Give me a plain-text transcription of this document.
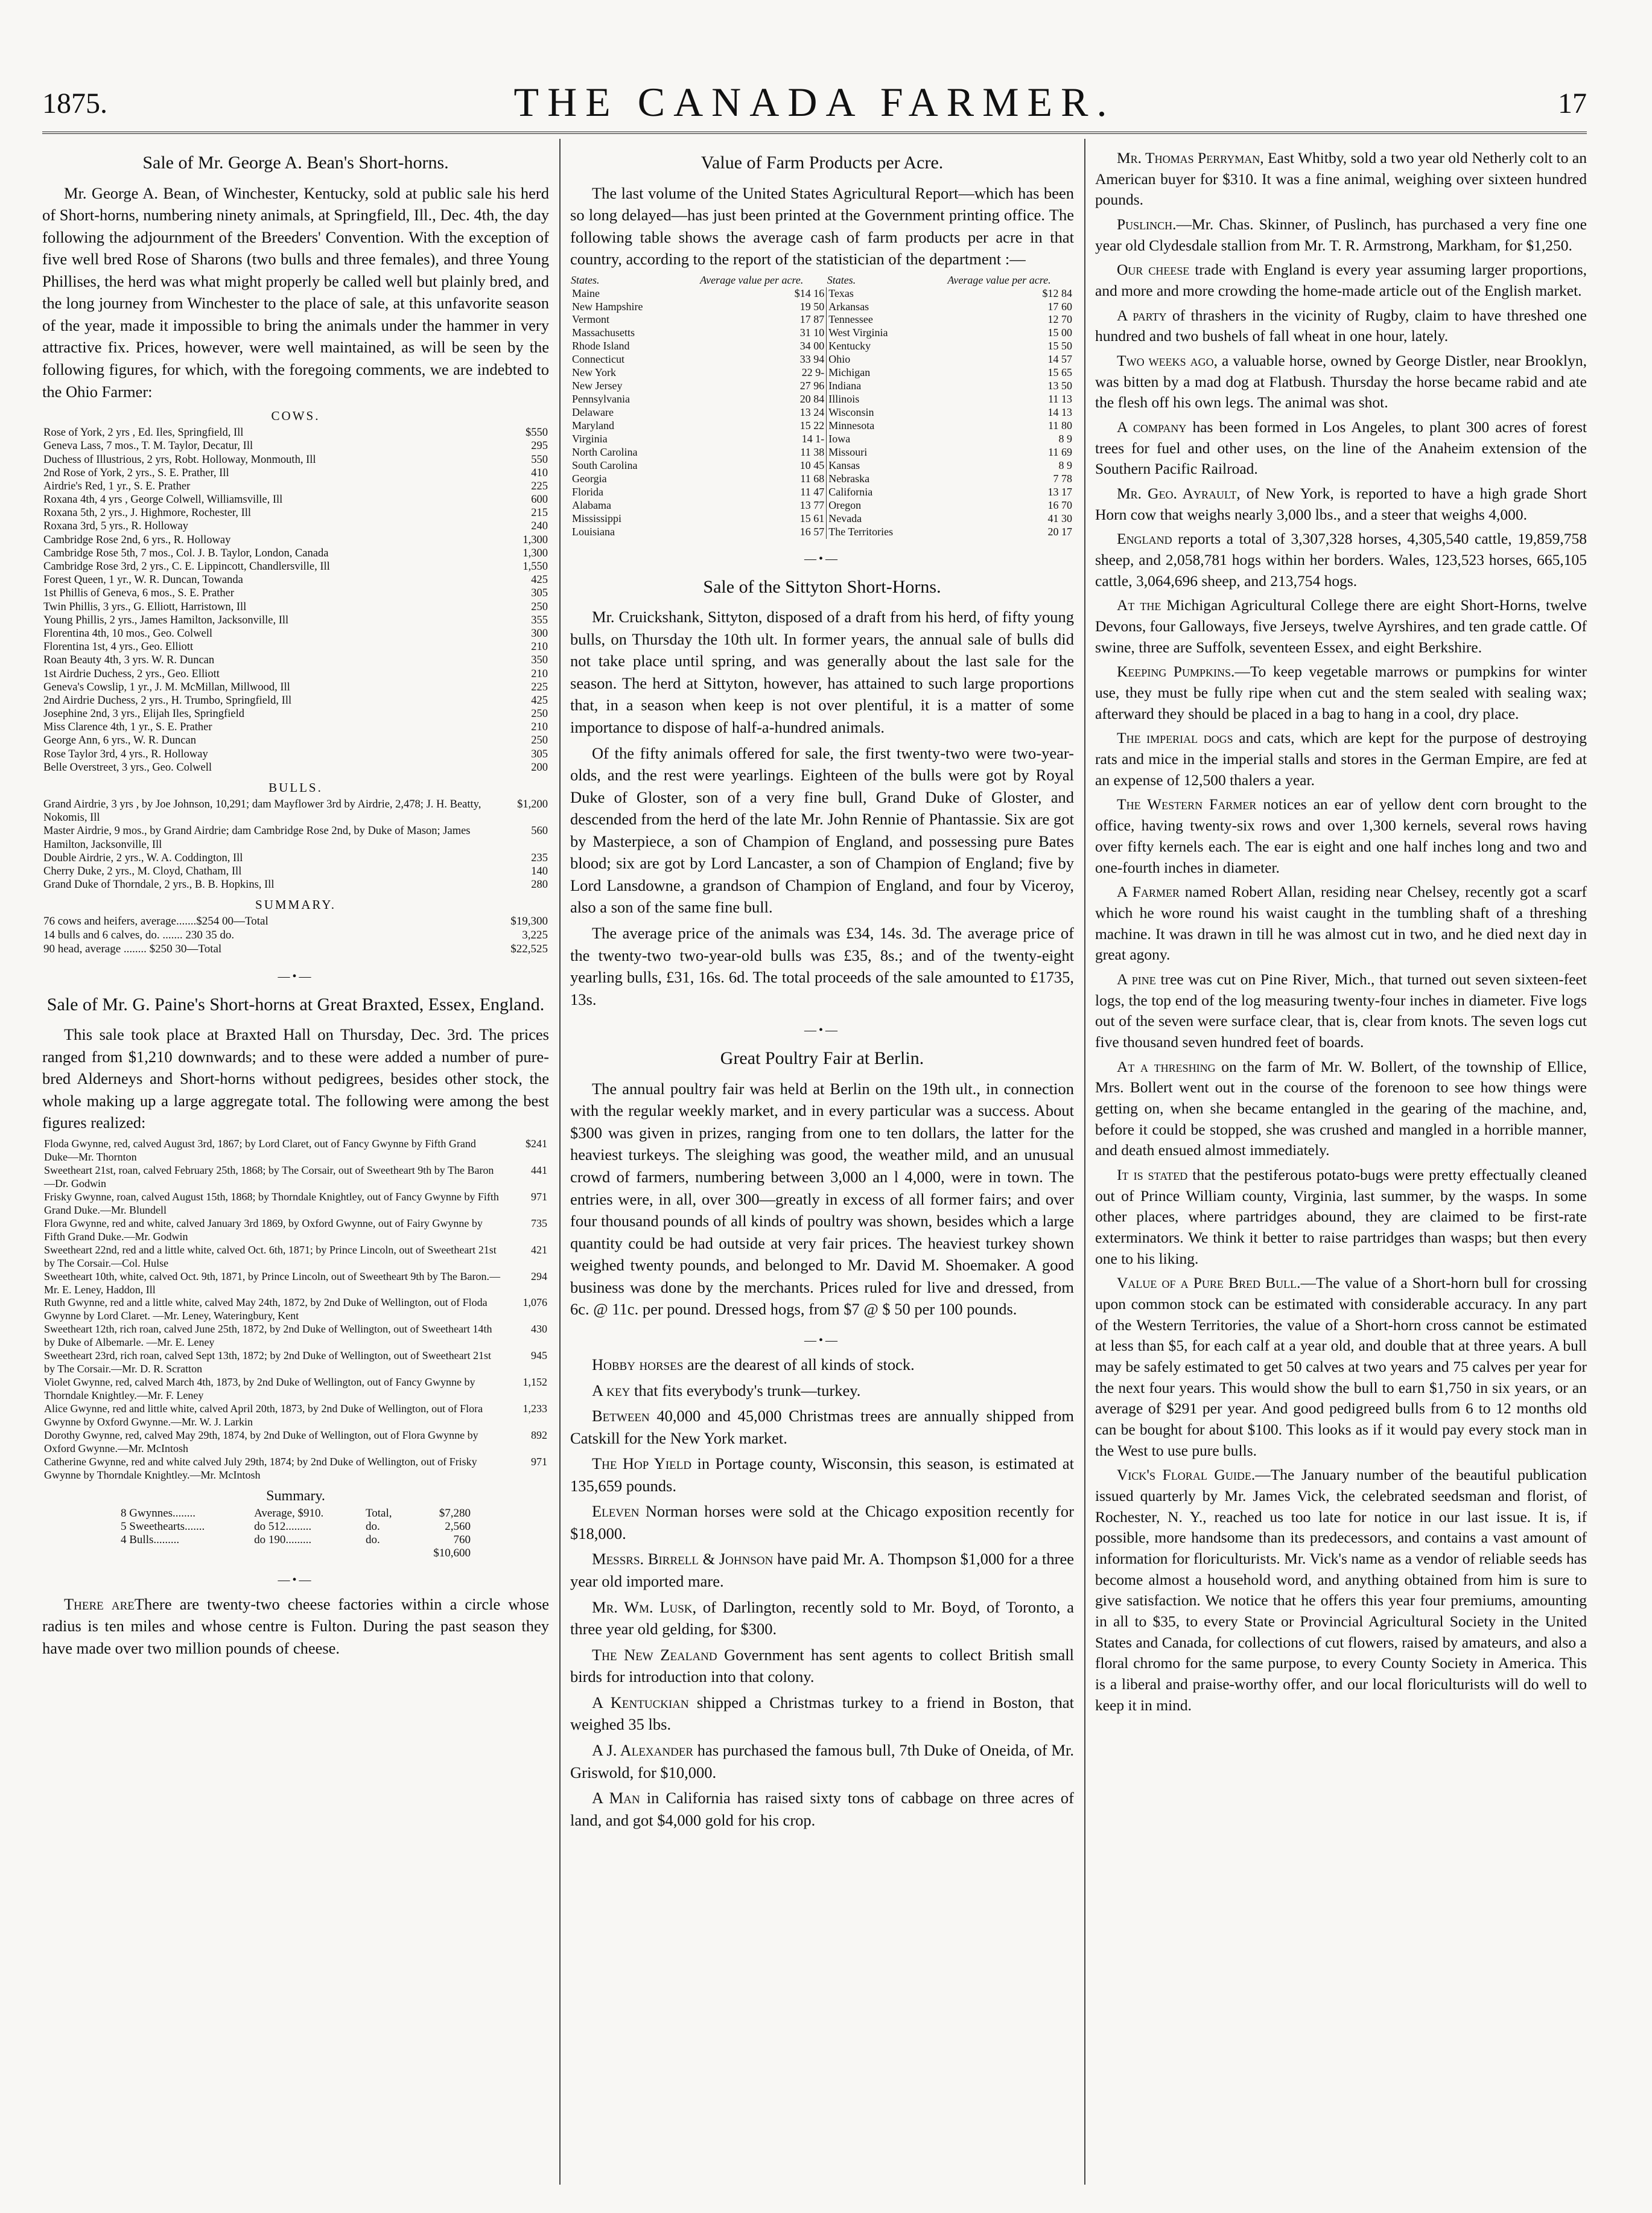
1875.	THE CANADA FARMER.	17
Sale of Mr. George A. Bean's Short-horns.

Mr. George A. Bean, of Winchester, Kentucky, sold at public sale his herd of Short-horns, numbering ninety animals, at Springfield, Ill., Dec. 4th, the day following the adjournment of the Breeders' Convention. With the exception of five well bred Rose of Sharons (two bulls and three females), and three Young Phillises, the herd was what might properly be called well but plainly bred, and the long journey from Winchester to the place of sale, at this unfavorite season of the year, made it impossible to bring the animals under the hammer in very attractive fix. Prices, however, were well maintained, as will be seen by the following figures, for which, with the foregoing comments, we are indebted to the Ohio Farmer:

COWS.
Rose of York, 2 yrs , Ed. Iles, Springfield, Ill	$550
Geneva Lass, 7 mos., T. M. Taylor, Decatur, Ill	295
Duchess of Illustrious, 2 yrs, Robt. Holloway, Monmouth, Ill	550
2nd Rose of York, 2 yrs., S. E. Prather, Ill	410
Airdrie's Red, 1 yr., S. E. Prather	225
Roxana 4th, 4 yrs , George Colwell, Williamsville, Ill	600
Roxana 5th, 2 yrs., J. Highmore, Rochester, Ill	215
Roxana 3rd, 5 yrs., R. Holloway	240
Cambridge Rose 2nd, 6 yrs., R. Holloway	1,300
Cambridge Rose 5th, 7 mos., Col. J. B. Taylor, London, Canada	1,300
Cambridge Rose 3rd, 2 yrs., C. E. Lippincott, Chandlersville, Ill	1,550
Forest Queen, 1 yr., W. R. Duncan, Towanda	425
1st Phillis of Geneva, 6 mos., S. E. Prather	305
Twin Phillis, 3 yrs., G. Elliott, Harristown, Ill	250
Young Phillis, 2 yrs., James Hamilton, Jacksonville, Ill	355
Florentina 4th, 10 mos., Geo. Colwell	300
Florentina 1st, 4 yrs., Geo. Elliott	210
Roan Beauty 4th, 3 yrs. W. R. Duncan	350
1st Airdrie Duchess, 2 yrs., Geo. Elliott	210
Geneva's Cowslip, 1 yr., J. M. McMillan, Millwood, Ill	225
2nd Airdrie Duchess, 2 yrs., H. Trumbo, Springfield, Ill	425
Josephine 2nd, 3 yrs., Elijah Iles, Springfield	250
Miss Clarence 4th, 1 yr., S. E. Prather	210
George Ann, 6 yrs., W. R. Duncan	250
Rose Taylor 3rd, 4 yrs., R. Holloway	305
Belle Overstreet, 3 yrs., Geo. Colwell	200
BULLS.
Grand Airdrie, 3 yrs , by Joe Johnson, 10,291; dam Mayflower 3rd by Airdrie, 2,478; J. H. Beatty, Nokomis, Ill	$1,200
Master Airdrie, 9 mos., by Grand Airdrie; dam Cambridge Rose 2nd, by Duke of Mason; James Hamilton, Jacksonville, Ill	560
Double Airdrie, 2 yrs., W. A. Coddington, Ill	235
Cherry Duke, 2 yrs., M. Cloyd, Chatham, Ill	140
Grand Duke of Thorndale, 2 yrs., B. B. Hopkins, Ill	280
SUMMARY.
76 cows and heifers, average.......$254 00—Total	$19,300
14 bulls and 6 calves, do. ....... 230 35 do.	3,225
90 head, average ........ $250 30—Total	$22,525
—•—
Sale of Mr. G. Paine's Short-horns at Great Braxted, Essex, England.

This sale took place at Braxted Hall on Thursday, Dec. 3rd. The prices ranged from $1,210 downwards; and to these were added a number of pure-bred Alderneys and Short-horns without pedigrees, besides other stock, the whole making up a large aggregate total. The following were among the best figures realized:

Floda Gwynne, red, calved August 3rd, 1867; by Lord Claret, out of Fancy Gwynne by Fifth Grand Duke—Mr. Thornton	$241
Sweetheart 21st, roan, calved February 25th, 1868; by The Corsair, out of Sweetheart 9th by The Baron—Dr. Godwin	441
Frisky Gwynne, roan, calved August 15th, 1868; by Thorndale Knightley, out of Fancy Gwynne by Fifth Grand Duke.—Mr. Blundell	971
Flora Gwynne, red and white, calved January 3rd 1869, by Oxford Gwynne, out of Fairy Gwynne by Fifth Grand Duke.—Mr. Godwin	735
Sweetheart 22nd, red and a little white, calved Oct. 6th, 1871; by Prince Lincoln, out of Sweetheart 21st by The Corsair.—Col. Hulse	421
Sweetheart 10th, white, calved Oct. 9th, 1871, by Prince Lincoln, out of Sweetheart 9th by The Baron.—Mr. E. Leney, Haddon, Ill	294
Ruth Gwynne, red and a little white, calved May 24th, 1872, by 2nd Duke of Wellington, out of Floda Gwynne by Lord Claret. —Mr. Leney, Wateringbury, Kent	1,076
Sweetheart 12th, rich roan, calved June 25th, 1872, by 2nd Duke of Wellington, out of Sweetheart 14th by Duke of Albemarle. —Mr. E. Leney	430
Sweetheart 23rd, rich roan, calved Sept 13th, 1872; by 2nd Duke of Wellington, out of Sweetheart 21st by The Corsair.—Mr. D. R. Scratton	945
Violet Gwynne, red, calved March 4th, 1873, by 2nd Duke of Wellington, out of Fancy Gwynne by Thorndale Knightley.—Mr. F. Leney	1,152
Alice Gwynne, red and little white, calved April 20th, 1873, by 2nd Duke of Wellington, out of Flora Gwynne by Oxford Gwynne.—Mr. W. J. Larkin	1,233
Dorothy Gwynne, red, calved May 29th, 1874, by 2nd Duke of Wellington, out of Flora Gwynne by Oxford Gwynne.—Mr. McIntosh	892
Catherine Gwynne, red and white calved July 29th, 1874; by 2nd Duke of Wellington, out of Frisky Gwynne by Thorndale Knightley.—Mr. McIntosh	971
Summary.
8 Gwynnes........	Average, $910.	Total,	$7,280
5 Sweethearts.......	do 512.........	do.	2,560
4 Bulls.........	do 190.........	do.	760
			$10,600
—•—

There areThere are twenty-two cheese factories within a circle whose radius is ten miles and whose centre is Fulton. During the past season they have made over two million pounds of cheese.

Value of Farm Products per Acre.

The last volume of the United States Agricultural Report—which has been so long delayed—has just been printed at the Government printing office. The following table shows the average cash of farm products per acre in that country, according to the report of the statistician of the department :—

States.	Average value per acre.	States.	Average value per acre.
Maine	$14 16	Texas	$12 84
New Hampshire	19 50	Arkansas	17 60
Vermont	17 87	Tennessee	12 70
Massachusetts	31 10	West Virginia	15 00
Rhode Island	34 00	Kentucky	15 50
Connecticut	33 94	Ohio	14 57
New York	22 9-	Michigan	15 65
New Jersey	27 96	Indiana	13 50
Pennsylvania	20 84	Illinois	11 13
Delaware	13 24	Wisconsin	14 13
Maryland	15 22	Minnesota	11 80
Virginia	14 1-	Iowa	8 9
North Carolina	11 38	Missouri	11 69
South Carolina	10 45	Kansas	8 9
Georgia	11 68	Nebraska	7 78
Florida	11 47	California	13 17
Alabama	13 77	Oregon	16 70
Mississippi	15 61	Nevada	41 30
Louisiana	16 57	The Territories	20 17
—•—
Sale of the Sittyton Short-Horns.

Mr. Cruickshank, Sittyton, disposed of a draft from his herd, of fifty young bulls, on Thursday the 10th ult. In former years, the annual sale of bulls did not take place until spring, and was generally about the last sale for the season. The herd at Sittyton, however, has attained to such large proportions that, in a season when keep is not over plentiful, it is a matter of some importance to dispose of half-a-hundred animals.

Of the fifty animals offered for sale, the first twenty-two were two-year-olds, and the rest were yearlings. Eighteen of the bulls were got by Royal Duke of Gloster, son of a very fine bull, Grand Duke of Gloster, and descended from the herd of the late Mr. John Rennie of Phantassie. Six are got by Masterpiece, a son of Champion of England, and possessing pure Bates blood; six are got by Lord Lancaster, a son of Champion of England; five by Lord Lansdowne, a grandson of Champion of England, and four by Viceroy, also a son of the same fine bull.

The average price of the animals was £34, 14s. 3d. The average price of the twenty-two two-year-old bulls was £35, 8s.; and of the twenty-eight yearling bulls, £31, 16s. 6d. The total proceeds of the sale amounted to £1735, 13s.

—•—
Great Poultry Fair at Berlin.

The annual poultry fair was held at Berlin on the 19th ult., in connection with the regular weekly market, and in every particular was a success. About $300 was given in prizes, ranging from one to ten dollars, the latter for the heaviest turkeys. The sleighing was good, the weather mild, and an unusual crowd of farmers, numbering between 3,000 an l 4,000, were in town. The entries were, in all, over 300—greatly in excess of all former fairs; and over four thousand pounds of all kinds of poultry was shown, besides which a large quantity could be had outside at very fair prices. The heaviest turkey shown weighed twenty pounds, and belonged to Mr. David M. Shoemaker. A good business was done by the merchants. Prices ruled for live and dressed, from 6c. @ 11c. per pound. Dressed hogs, from $7 @ $ 50 per 100 pounds.

—•—

Hobby horses are the dearest of all kinds of stock.

A key that fits everybody's trunk—turkey.

Between 40,000 and 45,000 Christmas trees are annually shipped from Catskill for the New York market.

The Hop Yield in Portage county, Wisconsin, this season, is estimated at 135,659 pounds.

Eleven Norman horses were sold at the Chicago exposition recently for $18,000.

Messrs. Birrell & Johnson have paid Mr. A. Thompson $1,000 for a three year old imported mare.

Mr. Wm. Lusk, of Darlington, recently sold to Mr. Boyd, of Toronto, a three year old gelding, for $300.

The New Zealand Government has sent agents to collect British small birds for introduction into that colony.

A Kentuckian shipped a Christmas turkey to a friend in Boston, that weighed 35 lbs.

A J. Alexander has purchased the famous bull, 7th Duke of Oneida, of Mr. Griswold, for $10,000.

A Man in California has raised sixty tons of cabbage on three acres of land, and got $4,000 gold for his crop.

Mr. Thomas Perryman, East Whitby, sold a two year old Netherly colt to an American buyer for $310. It was a fine animal, weighing over sixteen hundred pounds.

Puslinch.—Mr. Chas. Skinner, of Puslinch, has purchased a very fine one year old Clydesdale stallion from Mr. T. R. Armstrong, Markham, for $1,250.

Our cheese trade with England is every year assuming larger proportions, and more and more crowding the home-made article out of the English market.

A party of thrashers in the vicinity of Rugby, claim to have threshed one hundred and two bushels of fall wheat in one hour, lately.

Two weeks ago, a valuable horse, owned by George Distler, near Brooklyn, was bitten by a mad dog at Flatbush. Thursday the horse became rabid and ate the flesh off his own legs. The animal was shot.

A company has been formed in Los Angeles, to plant 300 acres of forest trees for fuel and other uses, on the line of the Anaheim extension of the Southern Pacific Railroad.

Mr. Geo. Ayrault, of New York, is reported to have a high grade Short Horn cow that weighs nearly 3,000 lbs., and a steer that weighs 4,000.

England reports a total of 3,307,328 horses, 4,305,540 cattle, 19,859,758 sheep, and 2,058,781 hogs within her borders. Wales, 123,523 horses, 665,105 cattle, 3,064,696 sheep, and 213,754 hogs.

At the Michigan Agricultural College there are eight Short-Horns, twelve Devons, four Galloways, five Jerseys, twelve Ayrshires, and ten grade cattle. Of swine, three are Suffolk, seventeen Essex, and eight Berkshire.

Keeping Pumpkins.—To keep vegetable marrows or pumpkins for winter use, they must be fully ripe when cut and the stem sealed with sealing wax; afterward they should be placed in a bag to hang in a cool, dry place.

The imperial dogs and cats, which are kept for the purpose of destroying rats and mice in the imperial stalls and stores in the German Empire, are fed at an expense of 12,500 thalers a year.

The Western Farmer notices an ear of yellow dent corn brought to the office, having twenty-six rows and over 1,300 kernels, several rows having over fifty kernels each. The ear is eight and one half inches long and two and one-fourth inches in diameter.

A Farmer named Robert Allan, residing near Chelsey, recently got a scarf which he wore round his waist caught in the tumbling shaft of a threshing machine. It was drawn in till he was almost cut in two, and he died next day in great agony.

A pine tree was cut on Pine River, Mich., that turned out seven sixteen-feet logs, the top end of the log measuring twenty-four inches in diameter. Five logs out of the seven were surface clear, that is, clear from knots. The seven logs cut five thousand seven hundred feet of boards.

At a threshing on the farm of Mr. W. Bollert, of the township of Ellice, Mrs. Bollert went out in the course of the forenoon to see how things were getting on, when she became entangled in the gearing of the machine, and, before it could be stopped, she was crushed and mangled in a horrible manner, and death ensued almost immediately.

It is stated that the pestiferous potato-bugs were pretty effectually cleaned out of Prince William county, Virginia, last summer, by the wasps. In some other places, where partridges abound, they are claimed to be first-rate exterminators. We think it better to raise partridges than wasps; but then every one to his liking.

Value of a Pure Bred Bull.—The value of a Short-horn bull for crossing upon common stock can be estimated with considerable accuracy. In any part of the Western Territories, the value of a Short-horn cross cannot be estimated at less than $5, for each calf at a year old, and double that at three years. A bull may be safely estimated to get 50 calves at two years and 75 calves per year for the next four years. This would show the bull to earn $1,750 in six years, or an average of $291 per year. And good pedigreed bulls from 6 to 12 months old can be bought for about $100. This looks as if it would pay every stock man in the West to use pure bulls.

Vick's Floral Guide.—The January number of the beautiful publication issued quarterly by Mr. James Vick, the celebrated seedsman and florist, of Rochester, N. Y., reached us too late for notice in our last issue. It is, if possible, more handsome than its predecessors, and contains a vast amount of information for floriculturists. Mr. Vick's name as a vendor of reliable seeds has become almost a household word, and anything obtained from him is sure to give satisfaction. We notice that he offers this year four premiums, amounting in all to $35, to every State or Provincial Agricultural Society in the United States and Canada, for collections of cut flowers, raised by amateurs, and also a floral chromo for the same purpose, to every County Society in America. This is a liberal and praise-worthy offer, and our local floriculturists will do well to keep it in mind.
